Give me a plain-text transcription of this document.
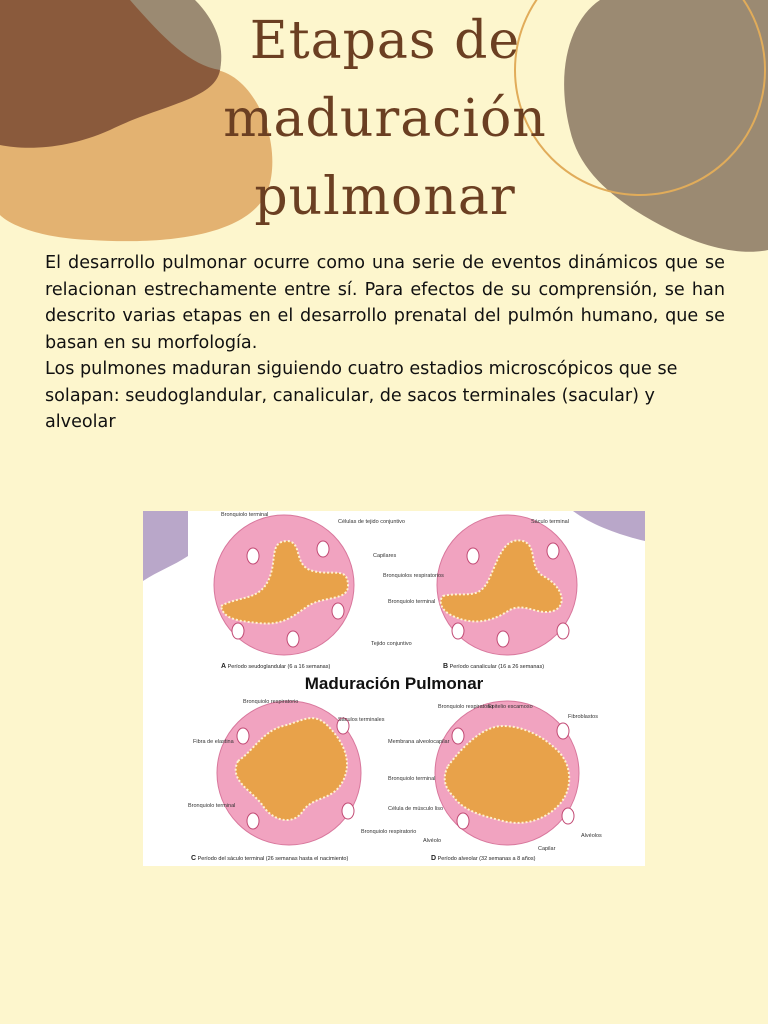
Etapas de
maduración
pulmonar

El desarrollo pulmonar ocurre como una serie de eventos dinámicos que se relacionan estrechamente entre sí. Para efectos de su comprensión, se han descrito varias etapas en el desarrollo prenatal del pulmón humano, que se basan en su morfología.

Los pulmones maduran siguiendo cuatro estadios microscópicos que se solapan: seudoglandular, canalicular, de sacos terminales (sacular) y alveolar

Bronquiolo terminal
Células de tejido conjuntivo
Capilares
Tejido conjuntivo
A Período seudoglandular (6 a 16 semanas)
Sáculo terminal
Bronquiolos respiratorios
Bronquiolo terminal
B Período canalicular (16 a 26 semanas)
Maduración Pulmonar
Bronquiolo respiratorio
Sáculos terminales
Fibra de elastina
Bronquiolo terminal
Bronquiolo respiratorio
C Período del sáculo terminal (26 semanas hasta el nacimiento)
Bronquiolo respiratorio
Epitelio escamoso
Fibroblastos
Membrana alveolocapilar
Bronquiolo terminal
Célula de músculo liso
Alvéolos
Alvéolo
Capilar
D Período alveolar (32 semanas a 8 años)
